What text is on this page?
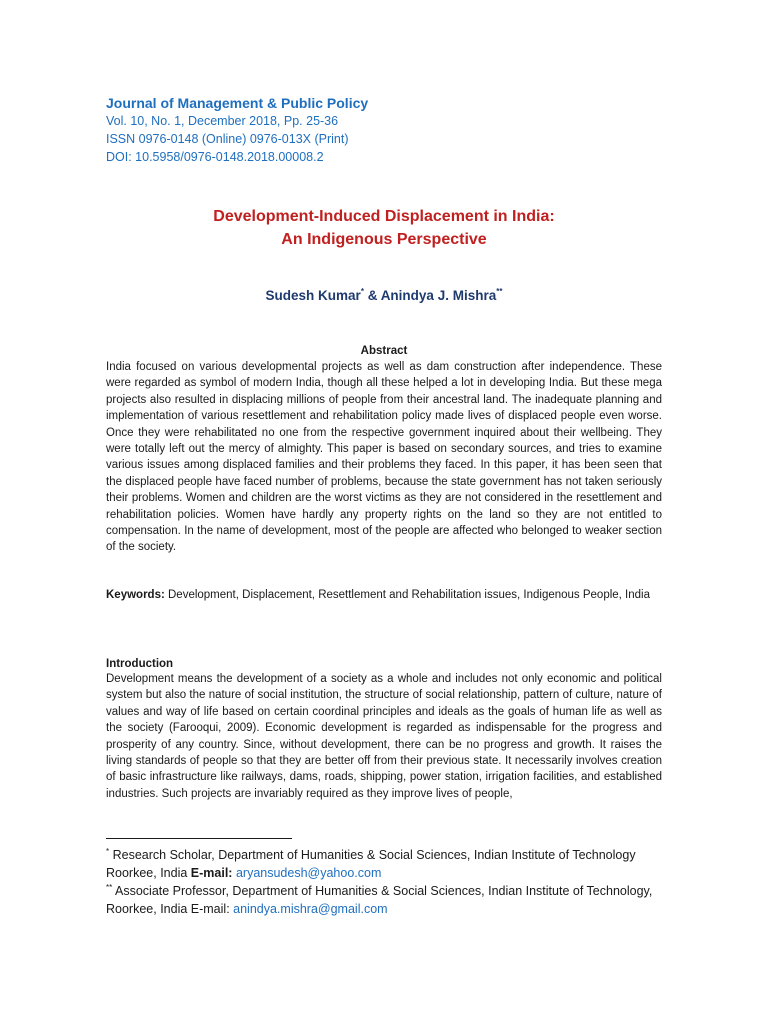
Journal of Management & Public Policy
Vol. 10, No. 1, December 2018, Pp. 25-36
ISSN 0976-0148 (Online) 0976-013X (Print)
DOI: 10.5958/0976-0148.2018.00008.2
Development-Induced Displacement in India:
An Indigenous Perspective
Sudesh Kumar* & Anindya J. Mishra**
Abstract
India focused on various developmental projects as well as dam construction after independence. These were regarded as symbol of modern India, though all these helped a lot in developing India. But these mega projects also resulted in displacing millions of people from their ancestral land. The inadequate planning and implementation of various resettlement and rehabilitation policy made lives of displaced people even worse. Once they were rehabilitated no one from the respective government inquired about their wellbeing. They were totally left out the mercy of almighty. This paper is based on secondary sources, and tries to examine various issues among displaced families and their problems they faced. In this paper, it has been seen that the displaced people have faced number of problems, because the state government has not taken seriously their problems. Women and children are the worst victims as they are not considered in the resettlement and rehabilitation policies. Women have hardly any property rights on the land so they are not entitled to compensation. In the name of development, most of the people are affected who belonged to weaker section of the society.
Keywords: Development, Displacement, Resettlement and Rehabilitation issues, Indigenous People, India
Introduction
Development means the development of a society as a whole and includes not only economic and political system but also the nature of social institution, the structure of social relationship, pattern of culture, nature of values and way of life based on certain coordinal principles and ideals as the goals of human life as well as the society (Farooqui, 2009). Economic development is regarded as indispensable for the progress and prosperity of any country. Since, without development, there can be no progress and growth. It raises the living standards of people so that they are better off from their previous state. It necessarily involves creation of basic infrastructure like railways, dams, roads, shipping, power station, irrigation facilities, and established industries. Such projects are invariably required as they improve lives of people,
* Research Scholar, Department of Humanities & Social Sciences, Indian Institute of Technology Roorkee, India E-mail: aryansudesh@yahoo.com
** Associate Professor, Department of Humanities & Social Sciences, Indian Institute of Technology, Roorkee, India E-mail: anindya.mishra@gmail.com
